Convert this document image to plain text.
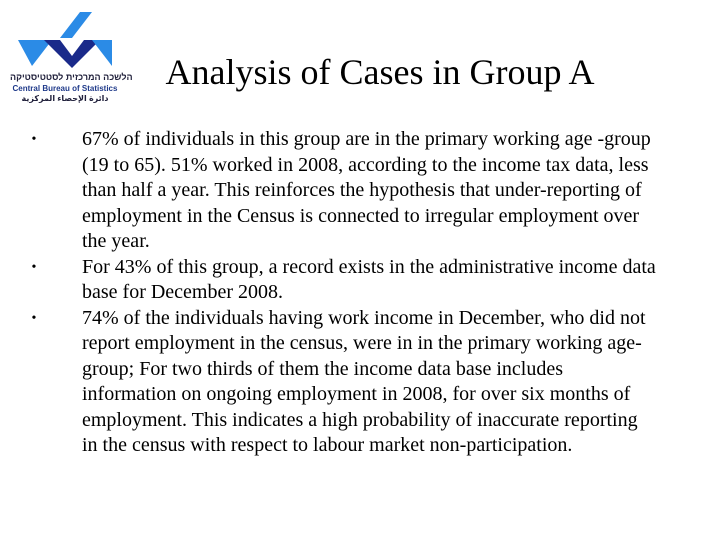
הלשכה המרכזית לסטטיסטיקה
Central Bureau of Statistics
دائرة الإحصاء المركزية
Analysis of Cases in Group A
• 67% of individuals in this group are in the primary working age -group (19 to 65). 51% worked in 2008, according to the income tax data, less than half a year. This reinforces the hypothesis that under-reporting of employment in the Census is connected to irregular employment over the year.
• For 43% of this group, a record exists in the administrative income data base for December 2008.
• 74% of the individuals having work income in December, who did not report employment in the census, were in in the primary working age-group; For two thirds of them the income data base includes information on ongoing employment in 2008, for over six months of employment. This indicates a high probability of inaccurate reporting in the census with respect to labour market non-participation.
